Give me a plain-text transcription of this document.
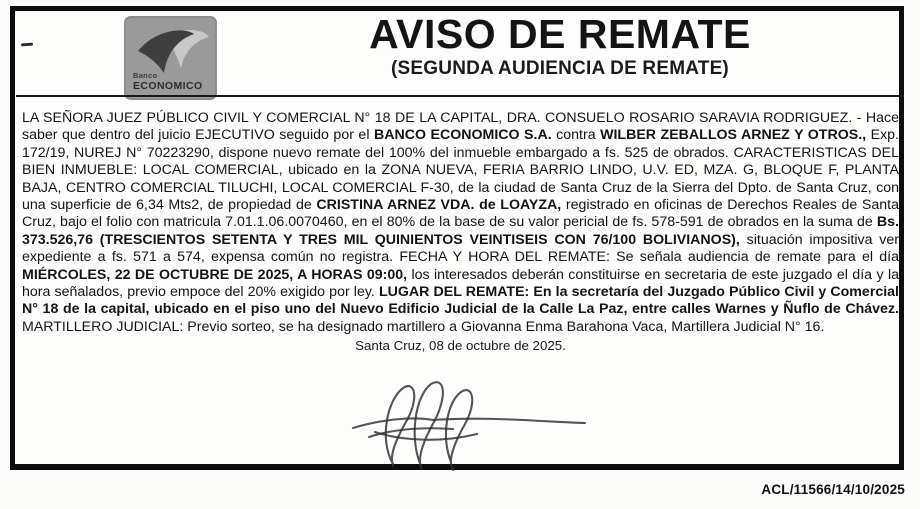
Banco
ECONOMICO
AVISO DE REMATE
(SEGUNDA AUDIENCIA DE REMATE)
LA SEÑORA JUEZ PÚBLICO CIVIL Y COMERCIAL N° 18 DE LA CAPITAL, DRA. CONSUELO ROSARIO SARAVIA RODRIGUEZ. - Hace saber que dentro del juicio EJECUTIVO seguido por el BANCO ECONOMICO S.A. contra WILBER ZEBALLOS ARNEZ Y OTROS., Exp. 172/19, NUREJ N° 70223290, dispone nuevo remate del 100% del inmueble embargado a fs. 525 de obrados. CARACTERISTICAS DEL BIEN INMUEBLE: LOCAL COMERCIAL, ubicado en la ZONA NUEVA, FERIA BARRIO LINDO, U.V. ED, MZA. G, BLOQUE F, PLANTA BAJA, CENTRO COMERCIAL TILUCHI, LOCAL COMERCIAL F-30, de la ciudad de Santa Cruz de la Sierra del Dpto. de Santa Cruz, con una superficie de 6,34 Mts2, de propiedad de CRISTINA ARNEZ VDA. de LOAYZA, registrado en oficinas de Derechos Reales de Santa Cruz, bajo el folio con matricula 7.01.1.06.0070460, en el 80% de la base de su valor pericial de fs. 578-591 de obrados en la suma de Bs. 373.526,76 (TRESCIENTOS SETENTA Y TRES MIL QUINIENTOS VEINTISEIS CON 76/100 BOLIVIANOS), situación impositiva ver expediente a fs. 571 a 574, expensa común no registra. FECHA Y HORA DEL REMATE: Se señala audiencia de remate para el día MIÉRCOLES, 22 DE OCTUBRE DE 2025, A HORAS 09:00, los interesados deberán constituirse en secretaria de este juzgado el día y la hora señalados, previo empoce del 20% exigido por ley. LUGAR DEL REMATE: En la secretaría del Juzgado Público Civil y Comercial N° 18 de la capital, ubicado en el piso uno del Nuevo Edificio Judicial de la Calle La Paz, entre calles Warnes y Ñuflo de Chávez. MARTILLERO JUDICIAL: Previo sorteo, se ha designado martillero a Giovanna Enma Barahona Vaca, Martillera Judicial N° 16.
Santa Cruz, 08 de octubre de 2025.
ACL/11566/14/10/2025
